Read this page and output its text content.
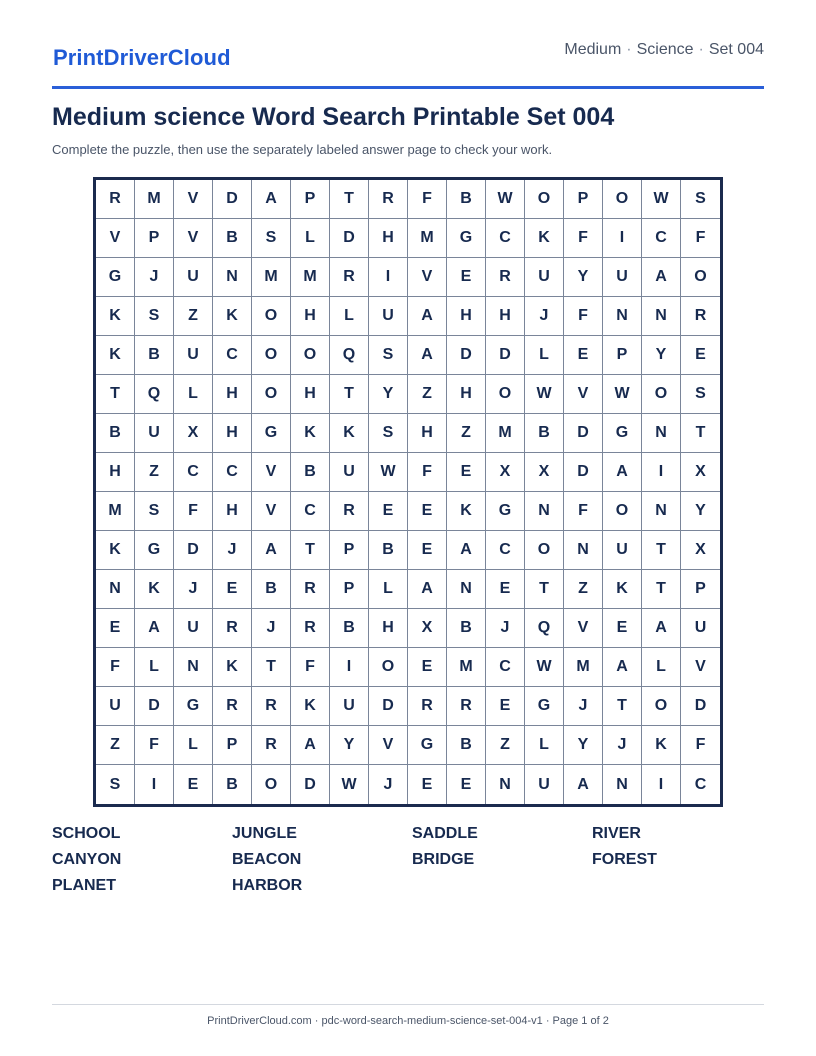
PrintDriverCloud	Medium · Science · Set 004
Medium science Word Search Printable Set 004
Complete the puzzle, then use the separately labeled answer page to check your work.
R	M	V	D	A	P	T	R	F	B	W	O	P	O	W	S
V	P	V	B	S	L	D	H	M	G	C	K	F	I	C	F
G	J	U	N	M	M	R	I	V	E	R	U	Y	U	A	O
K	S	Z	K	O	H	L	U	A	H	H	J	F	N	N	R
K	B	U	C	O	O	Q	S	A	D	D	L	E	P	Y	E
T	Q	L	H	O	H	T	Y	Z	H	O	W	V	W	O	S
B	U	X	H	G	K	K	S	H	Z	M	B	D	G	N	T
H	Z	C	C	V	B	U	W	F	E	X	X	D	A	I	X
M	S	F	H	V	C	R	E	E	K	G	N	F	O	N	Y
K	G	D	J	A	T	P	B	E	A	C	O	N	U	T	X
N	K	J	E	B	R	P	L	A	N	E	T	Z	K	T	P
E	A	U	R	J	R	B	H	X	B	J	Q	V	E	A	U
F	L	N	K	T	F	I	O	E	M	C	W	M	A	L	V
U	D	G	R	R	K	U	D	R	R	E	G	J	T	O	D
Z	F	L	P	R	A	Y	V	G	B	Z	L	Y	J	K	F
S	I	E	B	O	D	W	J	E	E	N	U	A	N	I	C
SCHOOL	JUNGLE	SADDLE	RIVER
CANYON	BEACON	BRIDGE	FOREST
PLANET	HARBOR
PrintDriverCloud.com · pdc-word-search-medium-science-set-004-v1 · Page 1 of 2
